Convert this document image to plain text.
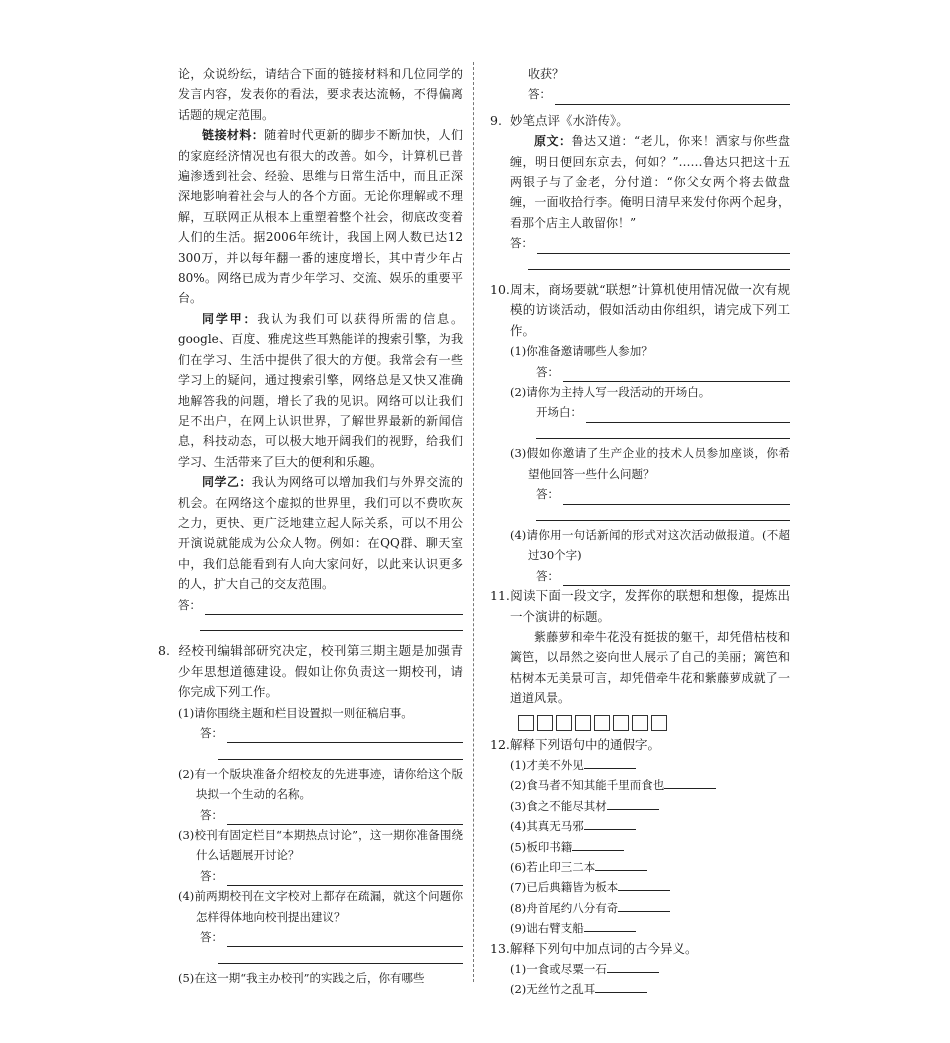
论，众说纷纭，请结合下面的链接材料和几位同学的发言内容，发表你的看法，要求表达流畅，不得偏离话题的规定范围。

链接材料：随着时代更新的脚步不断加快，人们的家庭经济情况也有很大的改善。如今，计算机已普遍渗透到社会、经验、思维与日常生活中，而且正深深地影响着社会与人的各个方面。无论你理解或不理解，互联网正从根本上重塑着整个社会，彻底改变着人们的生活。据2006年统计，我国上网人数已达12 300万，并以每年翻一番的速度增长，其中青少年占80%。网络已成为青少年学习、交流、娱乐的重要平台。

同学甲：我认为我们可以获得所需的信息。google、百度、雅虎这些耳熟能详的搜索引擎，为我们在学习、生活中提供了很大的方便。我常会有一些学习上的疑问，通过搜索引擎，网络总是又快又准确地解答我的问题，增长了我的见识。网络可以让我们足不出户，在网上认识世界，了解世界最新的新闻信息，科技动态，可以极大地开阔我们的视野，给我们学习、生活带来了巨大的便利和乐趣。

同学乙：我认为网络可以增加我们与外界交流的机会。在网络这个虚拟的世界里，我们可以不费吹灰之力，更快、更广泛地建立起人际关系，可以不用公开演说就能成为公众人物。例如：在QQ群、聊天室中，我们总能看到有人向大家问好，以此来认识更多的人，扩大自己的交友范围。

答：

8. 经校刊编辑部研究决定，校刊第三期主题是加强青少年思想道德建设。假如让你负责这一期校刊，请你完成下列工作。

(1)请你围绕主题和栏目设置拟一则征稿启事。

答：

(2)有一个版块准备介绍校友的先进事迹，请你给这个版块拟一个生动的名称。

答：

(3)校刊有固定栏目“本期热点讨论”，这一期你准备围绕什么话题展开讨论？

答：

(4)前两期校刊在文字校对上都存在疏漏，就这个问题你怎样得体地向校刊提出建议？

答：

(5)在这一期“我主办校刊”的实践之后，你有哪些

收获？

答：

9. 妙笔点评《水浒传》。

原文：鲁达又道：“老儿，你来！洒家与你些盘缠，明日便回东京去，何如？”……鲁达只把这十五两银子与了金老，分付道：“你父女两个将去做盘缠，一面收拾行李。俺明日清早来发付你两个起身，看那个店主人敢留你！”

答：

10.周末，商场要就“联想”计算机使用情况做一次有规模的访谈活动，假如活动由你组织，请完成下列工作。

(1)你准备邀请哪些人参加？

答：

(2)请你为主持人写一段活动的开场白。

开场白：

(3)假如你邀请了生产企业的技术人员参加座谈，你希望他回答一些什么问题？

答：

(4)请你用一句话新闻的形式对这次活动做报道。(不超过30个字)

答：

11.阅读下面一段文字，发挥你的联想和想像，提炼出一个演讲的标题。

紫藤萝和牵牛花没有挺拔的躯干，却凭借枯枝和篱笆，以昂然之姿向世人展示了自己的美丽；篱笆和枯树本无美景可言，却凭借牵牛花和紫藤萝成就了一道道风景。

12.解释下列语句中的通假字。

(1)才美不外见

(2)食马者不知其能千里而食也

(3)食之不能尽其材

(4)其真无马邪

(5)板印书籍

(6)若止印三二本

(7)已后典籍皆为板本

(8)舟首尾约八分有奇

(9)诎右臂支船

13.解释下列句中加点词的古今异义。

(1)一食或尽粟一石

(2)无丝竹之乱耳
